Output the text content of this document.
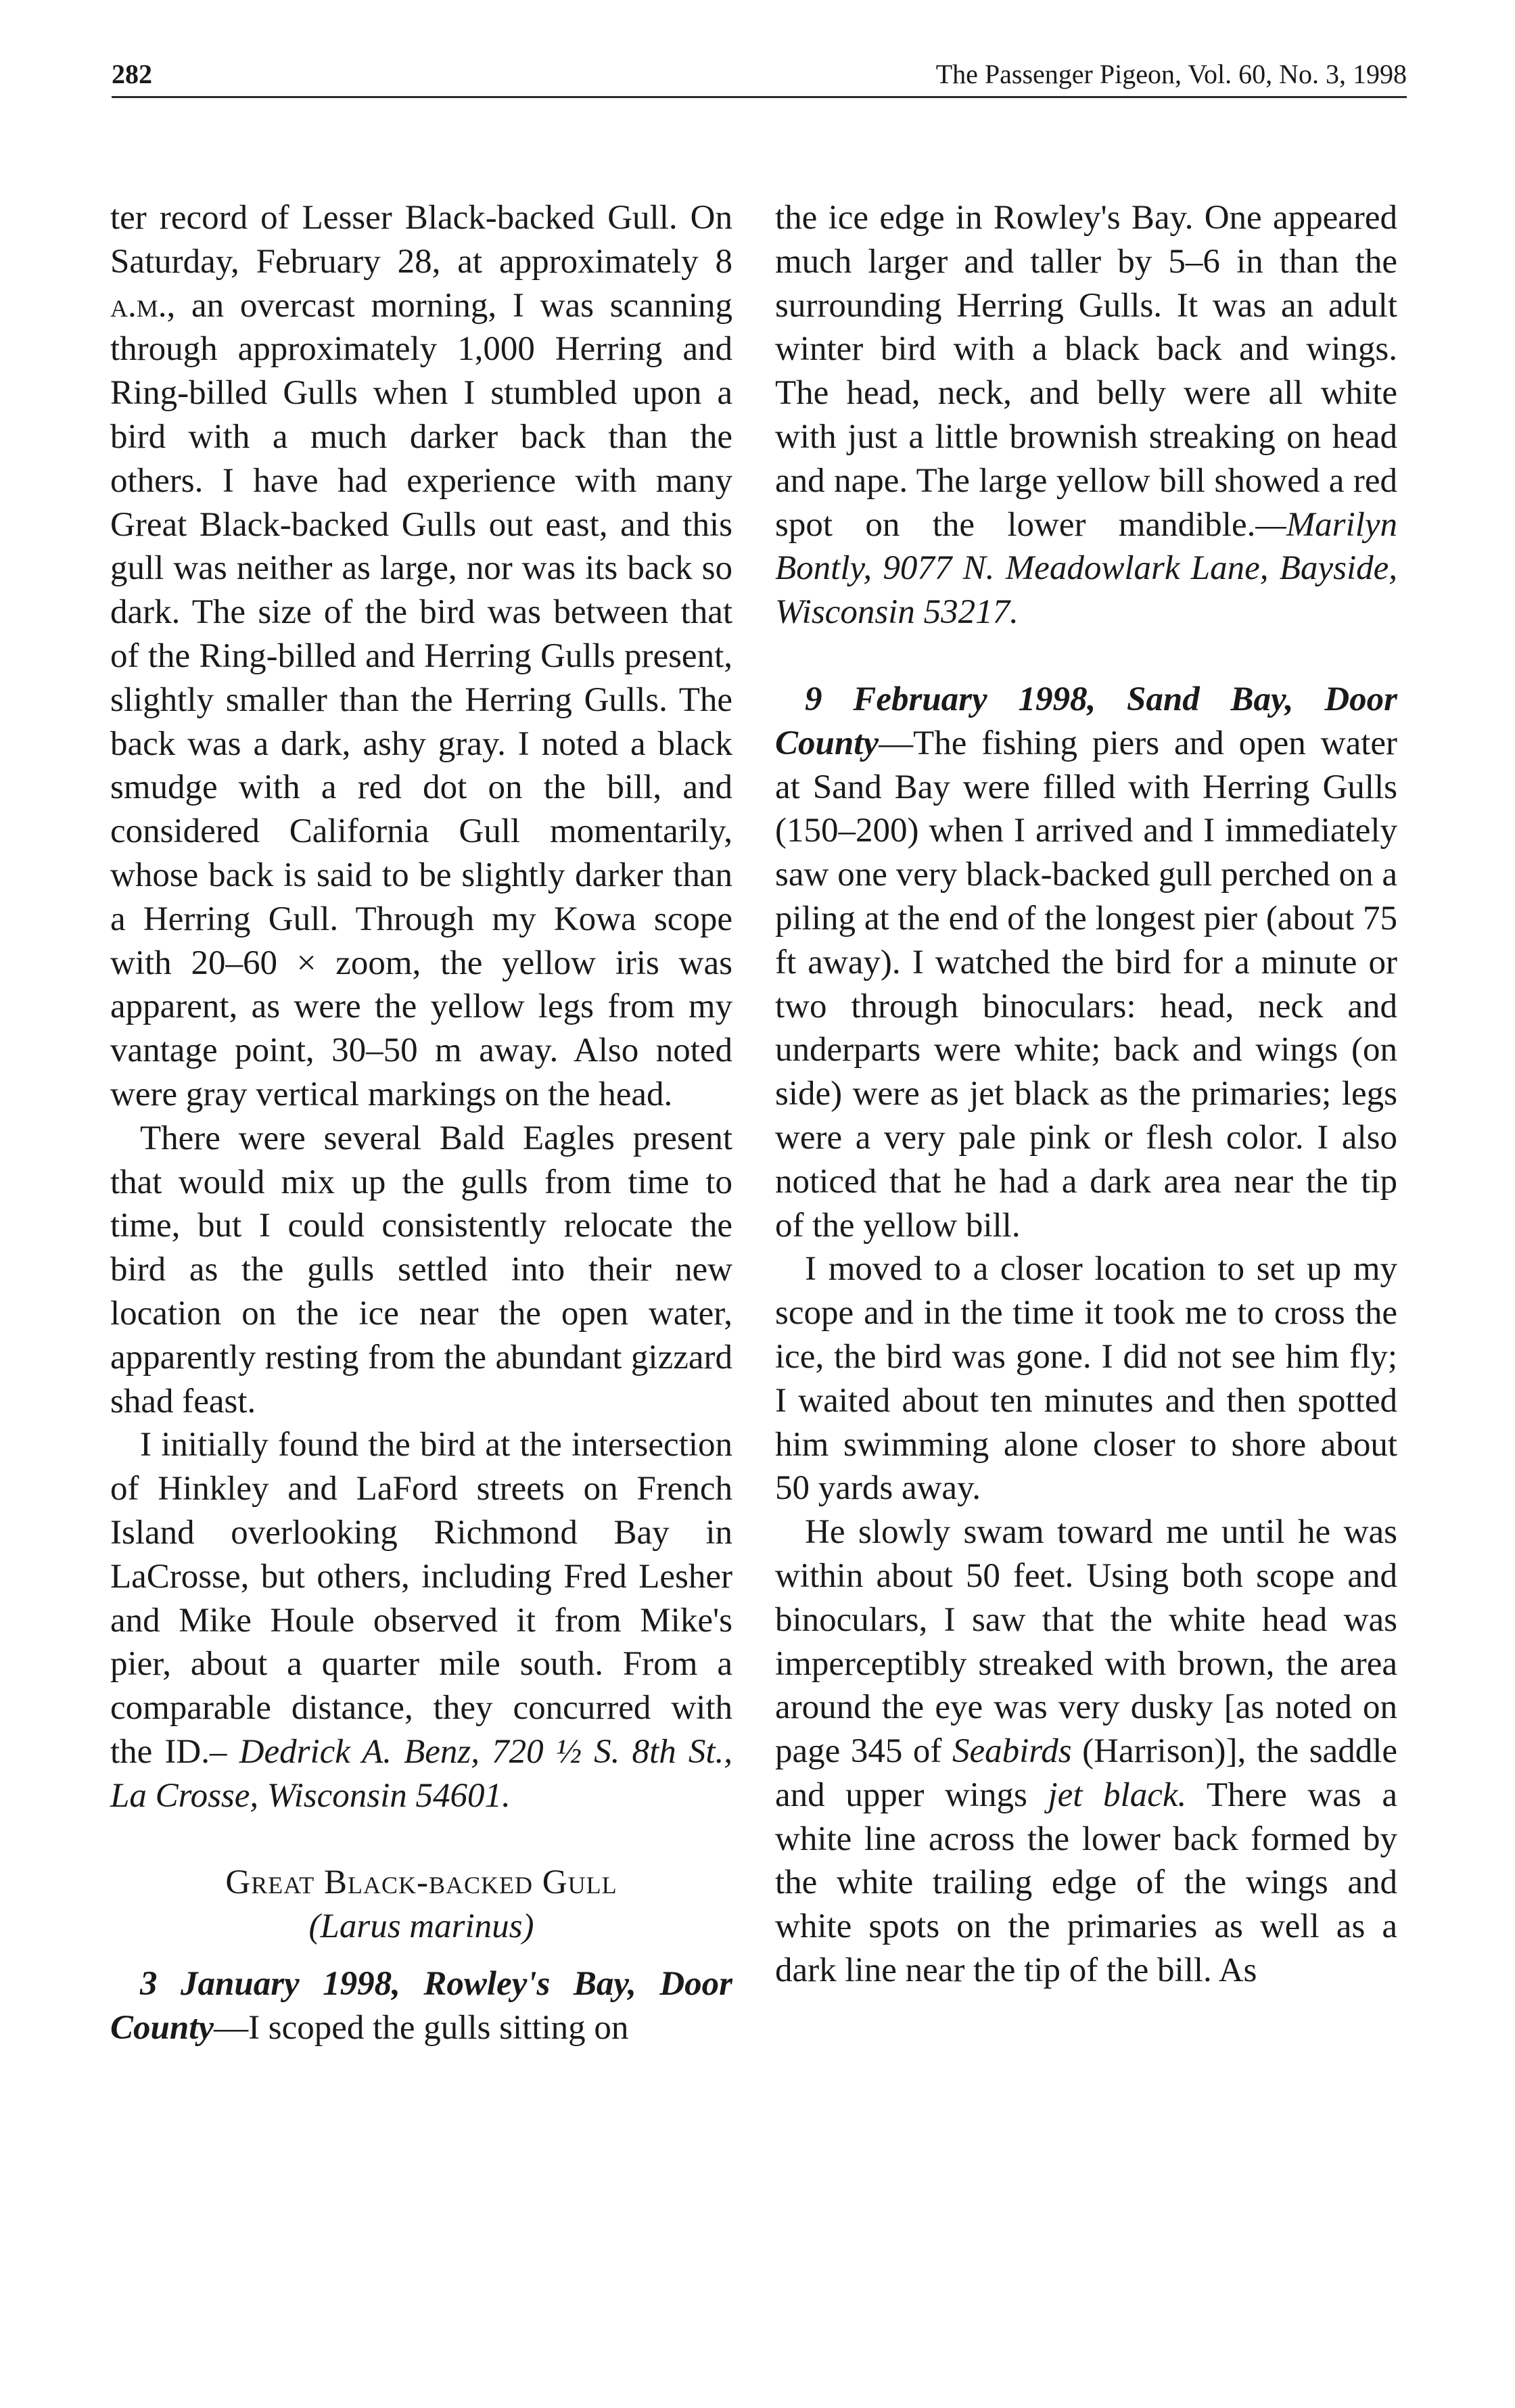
282	The Passenger Pigeon, Vol. 60, No. 3, 1998

ter record of Lesser Black-backed Gull. On Saturday, February 28, at approximately 8 a.m., an overcast morning, I was scanning through approximately 1,000 Herring and Ring-billed Gulls when I stumbled upon a bird with a much darker back than the others. I have had experience with many Great Black-backed Gulls out east, and this gull was neither as large, nor was its back so dark. The size of the bird was between that of the Ring-billed and Herring Gulls present, slightly smaller than the Herring Gulls. The back was a dark, ashy gray. I noted a black smudge with a red dot on the bill, and considered California Gull momentarily, whose back is said to be slightly darker than a Herring Gull. Through my Kowa scope with 20–60 × zoom, the yellow iris was apparent, as were the yellow legs from my vantage point, 30–50 m away. Also noted were gray vertical markings on the head.

There were several Bald Eagles present that would mix up the gulls from time to time, but I could consistently relocate the bird as the gulls settled into their new location on the ice near the open water, apparently resting from the abundant gizzard shad feast.

I initially found the bird at the intersection of Hinkley and LaFord streets on French Island overlooking Richmond Bay in LaCrosse, but others, including Fred Lesher and Mike Houle observed it from Mike's pier, about a quarter mile south. From a comparable distance, they concurred with the ID.– Dedrick A. Benz, 720 ½ S. 8th St., La Crosse, Wisconsin 54601.

Great Black-backed Gull
(Larus marinus)

3 January 1998, Rowley's Bay, Door County—I scoped the gulls sitting on

the ice edge in Rowley's Bay. One appeared much larger and taller by 5–6 in than the surrounding Herring Gulls. It was an adult winter bird with a black back and wings. The head, neck, and belly were all white with just a little brownish streaking on head and nape. The large yellow bill showed a red spot on the lower mandible.—Marilyn Bontly, 9077 N. Meadowlark Lane, Bayside, Wisconsin 53217.

9 February 1998, Sand Bay, Door County—The fishing piers and open water at Sand Bay were filled with Herring Gulls (150–200) when I arrived and I immediately saw one very black-backed gull perched on a piling at the end of the longest pier (about 75 ft away). I watched the bird for a minute or two through binoculars: head, neck and underparts were white; back and wings (on side) were as jet black as the primaries; legs were a very pale pink or flesh color. I also noticed that he had a dark area near the tip of the yellow bill.

I moved to a closer location to set up my scope and in the time it took me to cross the ice, the bird was gone. I did not see him fly; I waited about ten minutes and then spotted him swimming alone closer to shore about 50 yards away.

He slowly swam toward me until he was within about 50 feet. Using both scope and binoculars, I saw that the white head was imperceptibly streaked with brown, the area around the eye was very dusky [as noted on page 345 of Seabirds (Harrison)], the saddle and upper wings jet black. There was a white line across the lower back formed by the white trailing edge of the wings and white spots on the primaries as well as a dark line near the tip of the bill. As
